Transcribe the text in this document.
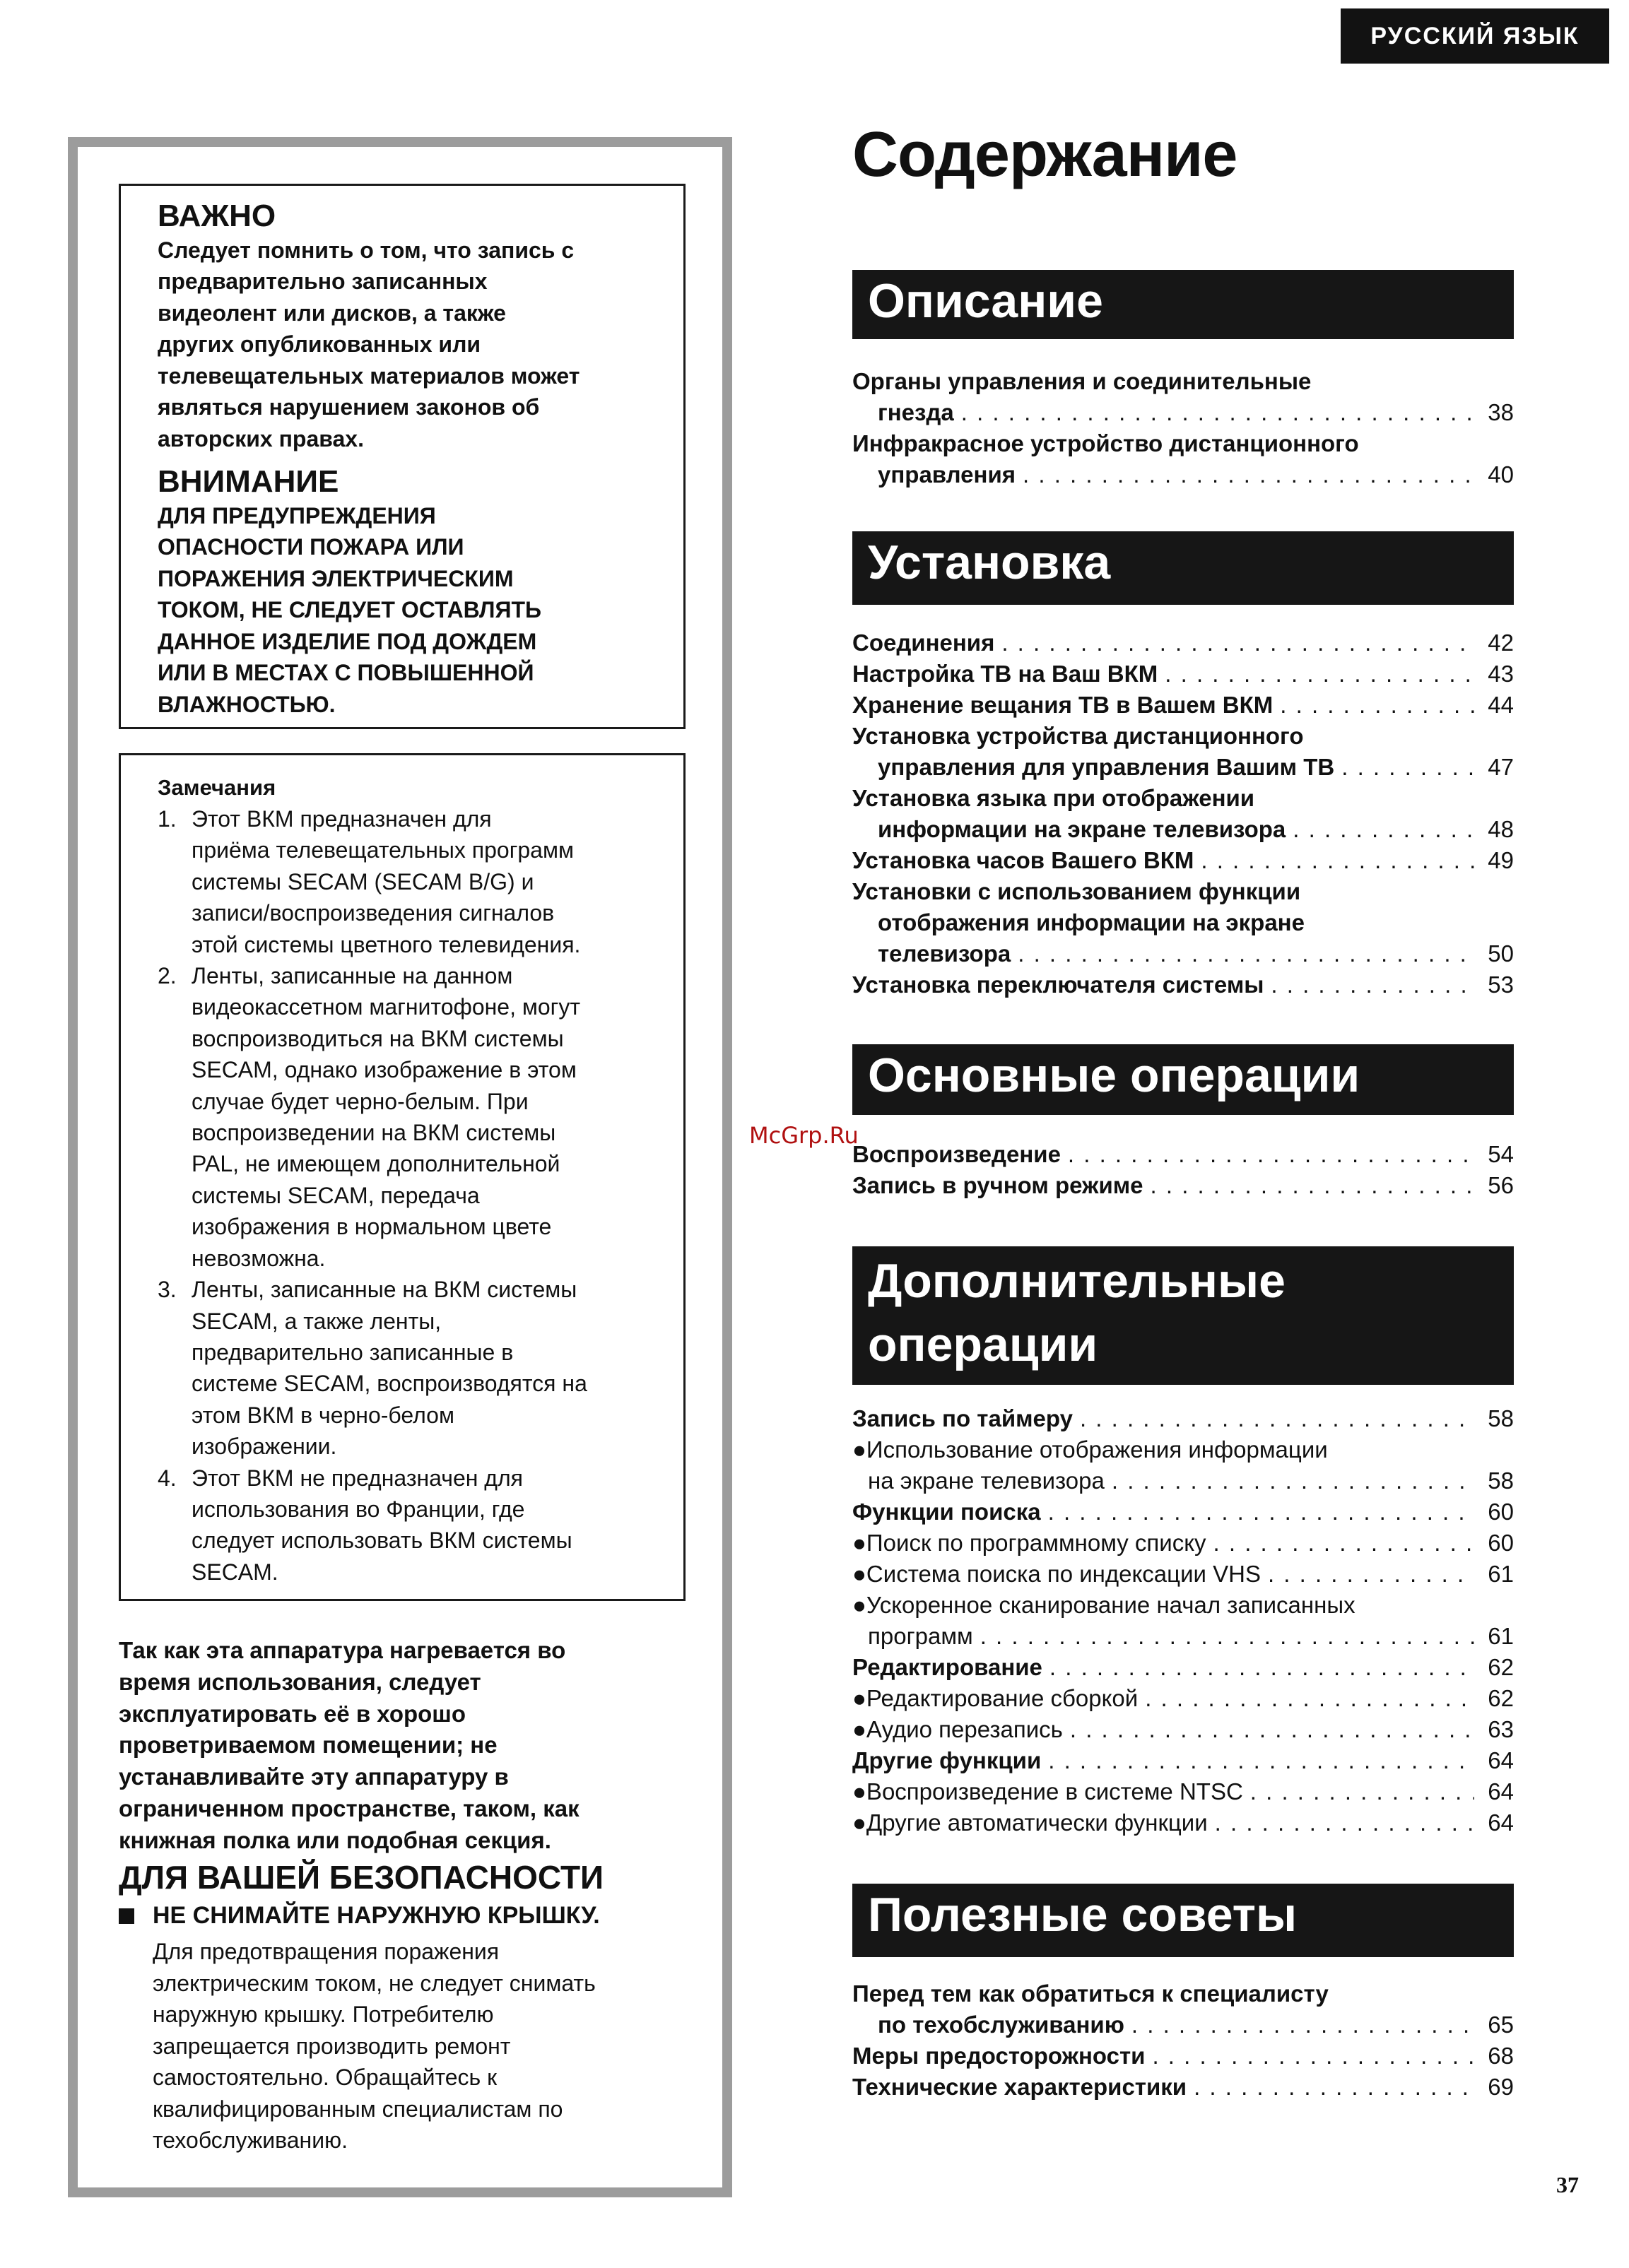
РУССКИЙ ЯЗЫК

ВАЖНО

Следует помнить о том, что запись с

предварительно записанных

видеолент или дисков, а также

других опубликованных или

телевещательных материалов может

являться нарушением законов об

авторских правах.

ВНИМАНИЕ

ДЛЯ ПРЕДУПРЕЖДЕНИЯ

ОПАСНОСТИ ПОЖАРА ИЛИ

ПОРАЖЕНИЯ ЭЛЕКТРИЧЕСКИМ

ТОКОМ, НЕ СЛЕДУЕТ ОСТАВЛЯТЬ

ДАННОЕ ИЗДЕЛИЕ ПОД ДОЖДЕМ

ИЛИ В МЕСТАХ С ПОВЫШЕННОЙ

ВЛАЖНОСТЬЮ.

Замечания

1. Этот ВКМ предназначен для
приёма телевещательных программ
системы SECAM (SECAM B/G) и
записи/воспроизведения сигналов
этой системы цветного телевидения.
2. Ленты, записанные на данном
видеокассетном магнитофоне, могут
воспроизводиться на ВКМ системы
SECAM, однако изображение в этом
случае будет черно-белым. При
воспроизведении на ВКМ системы
PAL, не имеющем дополнительной
системы SECAM, передача
изображения в нормальном цвете
невозможна.
3. Ленты, записанные на ВКМ системы
SECAM, а также ленты,
предварительно записанные в
системе SECAM, воспроизводятся на
этом ВКМ в черно-белом
изображении.
4. Этот ВКМ не предназначен для
использования во Франции, где
следует использовать ВКМ системы
SECAM.
Так как эта аппаратура нагревается во
время использования, следует
эксплуатировать её в хорошо
проветриваемом помещении; не
устанавливайте эту аппаратуру в
ограниченном пространстве, таком, как
книжная полка или подобная секция.

ДЛЯ ВАШЕЙ БЕЗОПАСНОСТИ

НЕ СНИМАЙТЕ НАРУЖНУЮ КРЫШКУ.
Для предотвращения поражения
электрическим током, не следует снимать
наружную крышку. Потребителю
запрещается производить ремонт
самостоятельно. Обращайтесь к
квалифицированным специалистам по
техобслуживанию.
Содержание
Описание
Органы управления и соединительные
гнезда . . .	38
Инфракрасное устройство дистанционного
управления . . .	40
Установка
Соединения . . .	42
Настройка ТВ на Ваш ВКМ . . .	43
Хранение вещания ТВ в Вашем ВКМ . . .	44
Установка устройства дистанционного
управления для управления Вашим ТВ . . .	47
Установка языка при отображении
информации на экране телевизора . . .	48
Установка часов Вашего ВКМ . . .	49
Установки с использованием функции
отображения информации на экране
телевизора . . .	50
Установка переключателя системы . . .	53
Основные операции
Воспроизведение . . .	54
Запись в ручном режиме . . .	56
Дополнительные
операции
Запись по таймеру . . .	58
●Использование отображения информации
на экране телевизора . . .	58
Функции поиска . . .	60
●Поиск по программному списку . . .	60
●Система поиска по индексации VHS . . .	61
●Ускоренное сканирование начал записанных
программ . . .	61
Редактирование . . .	62
●Редактирование сборкой . . .	62
●Аудио перезапись . . .	63
Другие функции . . .	64
●Воспроизведение в системе NTSC . . .	64
●Другие автоматически функции . . .	64
Полезные советы
Перед тем как обратиться к специалисту
по техобслуживанию . . .	65
Меры предосторожности . . .	68
Технические характеристики . . .	69
McGrp.Ru
37
